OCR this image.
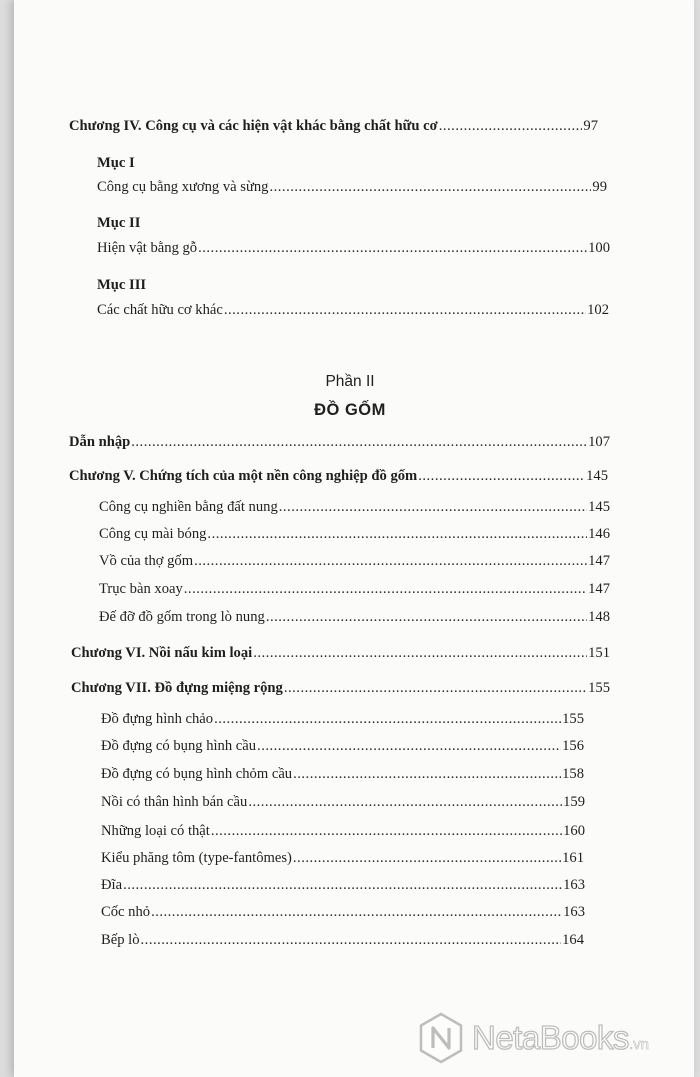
Chương IV. Công cụ và các hiện vật khác bằng chất hữu cơ .....	97
Mục I
Công cụ bằng xương và sừng .....	99
Mục II
Hiện vật bằng gỗ .....	100
Mục III
Các chất hữu cơ khác .....	102
Phần II
ĐỒ GỐM
Dẫn nhập .....	107
Chương V. Chứng tích của một nền công nghiệp đồ gốm .....	145
Công cụ nghiền bằng đất nung .....	145
Công cụ mài bóng .....	146
Vồ của thợ gốm .....	147
Trục bàn xoay .....	147
Đế đỡ đồ gốm trong lò nung .....	148
Chương VI. Nồi nấu kim loại .....	151
Chương VII. Đồ đựng miệng rộng .....	155
Đồ đựng hình chảo .....	155
Đồ đựng có bụng hình cầu .....	156
Đồ đựng có bụng hình chỏm cầu .....	158
Nồi có thân hình bán cầu .....	159
Những loại có thật .....	160
Kiểu phăng tôm (type-fantômes) .....	161
Đĩa .....	163
Cốc nhỏ .....	163
Bếp lò .....	164
NetaBooks.vn
